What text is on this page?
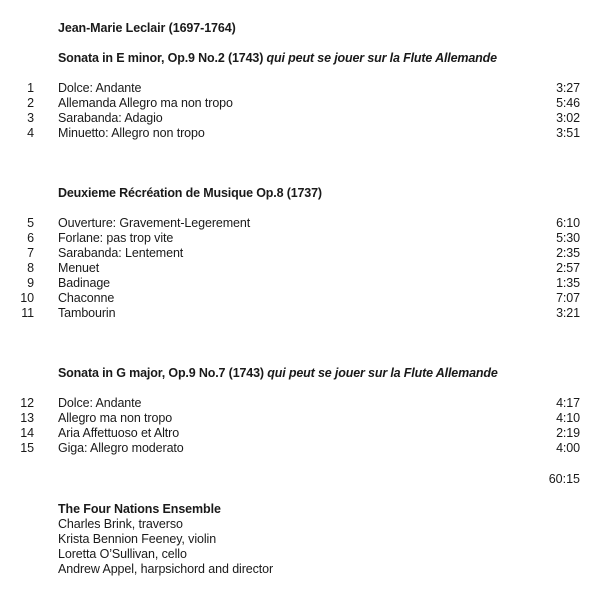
Jean-Marie Leclair (1697-1764)
Sonata in E minor, Op.9 No.2 (1743) qui peut se jouer sur la Flute Allemande
1 Dolce: Andante	3:27
2 Allemanda Allegro ma non tropo	5:46
3 Sarabanda: Adagio	3:02
4 Minuetto: Allegro non tropo	3:51
Deuxieme Récréation de Musique Op.8 (1737)
5 Ouverture: Gravement-Legerement	6:10
6 Forlane: pas trop vite	5:30
7 Sarabanda: Lentement	2:35
8 Menuet	2:57
9 Badinage	1:35
10 Chaconne	7:07
11 Tambourin	3:21
Sonata in G major, Op.9 No.7 (1743) qui peut se jouer sur la Flute Allemande
12 Dolce: Andante	4:17
13 Allegro ma non tropo	4:10
14 Aria Affettuoso et Altro	2:19
15 Giga: Allegro moderato	4:00
60:15
The Four Nations Ensemble
Charles Brink, traverso
Krista Bennion Feeney, violin
Loretta O’Sullivan, cello
Andrew Appel, harpsichord and director
